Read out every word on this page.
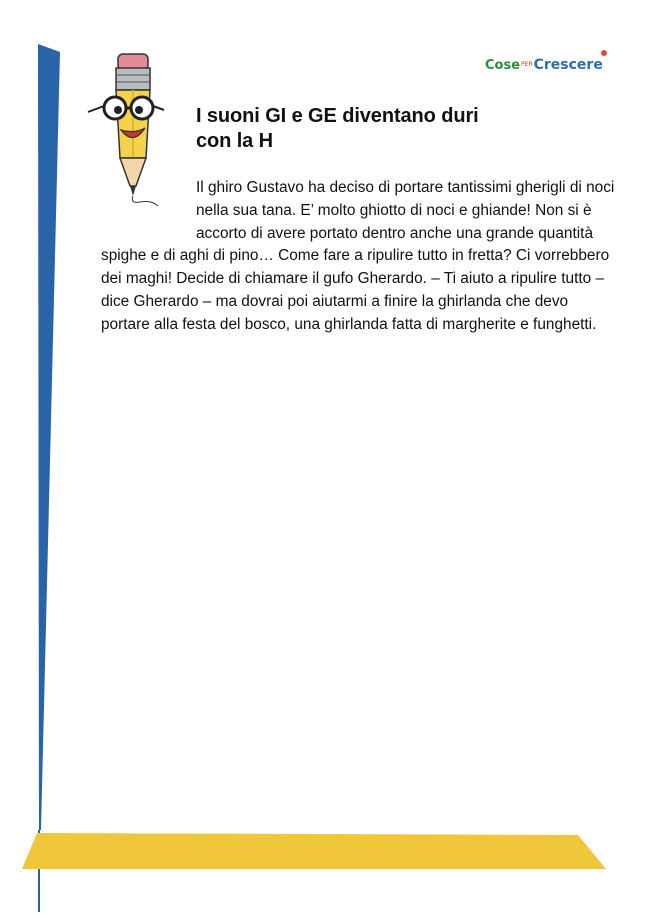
CosePERCrescere
I suoni GI e GE diventano duri
con la H

Il ghiro Gustavo ha deciso di portare tantissimi gherigli di noci nella sua tana. E’ molto ghiotto di noci e ghiande! Non si è accorto di avere portato dentro anche una grande quantità spighe e di aghi di pino… Come fare a ripulire tutto in fretta? Ci vorrebbero dei maghi! Decide di chiamare il gufo Gherardo. – Ti aiuto a ripulire tutto – dice Gherardo – ma dovrai poi aiutarmi a finire la ghirlanda che devo portare alla festa del bosco, una ghirlanda fatta di margherite e funghetti.
